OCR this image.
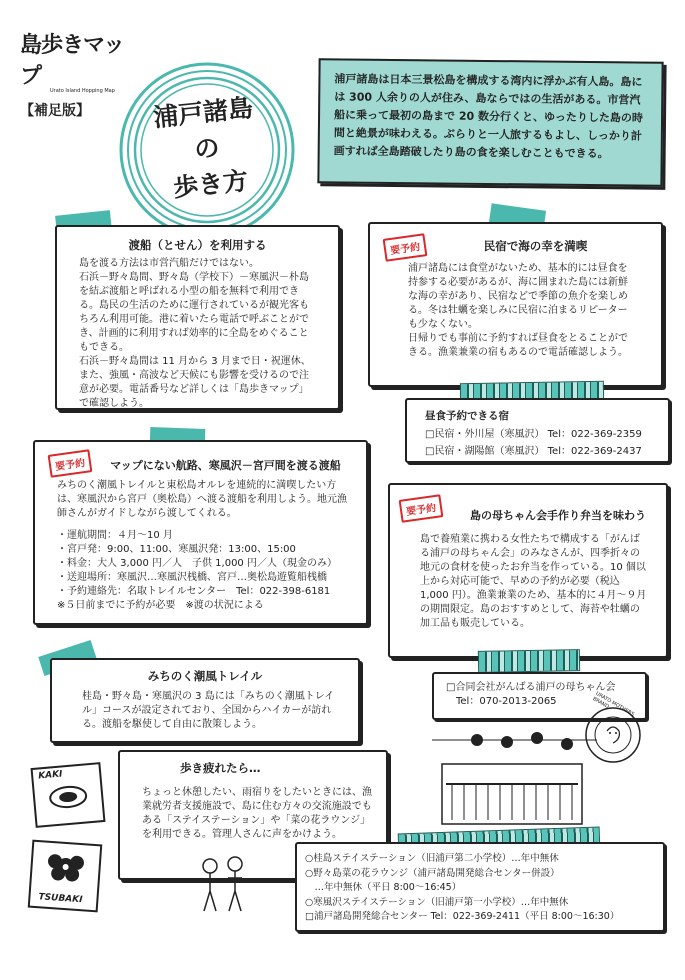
島歩きマップ
Urato Island Hopping Map
【補足版】	浦戸諸島
の
歩き方
浦戸諸島は日本三景松島を構成する湾内に浮かぶ有人島。島には 300 人余りの人が住み、島ならではの生活がある。市営汽船に乗って最初の島まで 20 数分行くと、ゆったりした島の時間と絶景が味わえる。ぶらりと一人旅するもよし、しっかり計画すれば全島踏破したり島の食を楽しむこともできる。
渡船（とせん）を利用する
島を渡る方法は市営汽船だけではない。
石浜－野々島間、野々島（学校下）－寒風沢－朴島を結ぶ渡船と呼ばれる小型の船を無料で利用できる。島民の生活のために運行されているが観光客もちろん利用可能。港に着いたら電話で呼ぶことができ、計画的に利用すれば効率的に全島をめぐることもできる。
石浜－野々島間は 11 月から 3 月まで日・祝運休、また、強風・高波など天候にも影響を受けるので注意が必要。電話番号など詳しくは「島歩きマップ」で確認しよう。
要予約	民宿で海の幸を満喫
浦戸諸島には食堂がないため、基本的には昼食を持参する必要があるが、海に囲まれた島には新鮮な海の幸があり、民宿などで季節の魚介を楽しめる。冬は牡蠣を楽しみに民宿に泊まるリピーターも少なくない。
日帰りでも事前に予約すれば昼食をとることができる。漁業兼業の宿もあるので電話確認しよう。
昼食予約できる宿
□民宿・外川屋（寒風沢） Tel：022-369-2359
□民宿・湖陽館（寒風沢） Tel：022-369-2437
要予約	マップにない航路、寒風沢－宮戸間を渡る渡船
みちのく潮風トレイルと東松島オルレを連続的に満喫したい方は、寒風沢から宮戸（奥松島）へ渡る渡船を利用しよう。地元漁師さんがガイドしながら渡してくれる。
・運航期間：４月～10 月
・宮戸発：9:00、11:00、寒風沢発：13:00、15:00
・料金：大人 3,000 円／人　子供 1,000 円／人（現金のみ）
・送迎場所：寒風沢…寒風沢桟橋、宮戸…奥松島遊覧船桟橋
・予約連絡先：名取トレイルセンター　Tel：022-398-6181
※５日前までに予約が必要　※渡の状況による
要予約	島の母ちゃん会手作り弁当を味わう
島で養殖業に携わる女性たちで構成する「がんばる浦戸の母ちゃん会」のみなさんが、四季折々の地元の食材を使ったお弁当を作っている。10 個以上から対応可能で、早めの予約が必要（税込 1,000 円）。漁業兼業のため、基本的に４月～９月の期間限定。島のおすすめとして、海苔や牡蠣の加工品も販売している。
□合同会社がんばる浦戸の母ちゃん会
　Tel：070-2013-2065	URATO MOTHERS BRAND
みちのく潮風トレイル
桂島・野々島・寒風沢の 3 島には「みちのく潮風トレイル」コースが設定されており、全国からハイカーが訪れる。渡船を駆使して自由に散策しよう。
歩き疲れたら…
ちょっと休憩したい、雨宿りをしたいときには、漁業就労者支援施設で、島に住む方々の交流施設でもある「ステイステーション」や「菜の花ラウンジ」を利用できる。管理人さんに声をかけよう。
KAKI
TSUBAKI
○桂島ステイステーション（旧浦戸第二小学校）…年中無休
○野々島菜の花ラウンジ（浦戸諸島開発総合センター併設）
　…年中無休（平日 8:00～16:45）
○寒風沢ステイステーション（旧浦戸第一小学校）…年中無休
□浦戸諸島開発総合センター Tel：022-369-2411（平日 8:00～16:30）
